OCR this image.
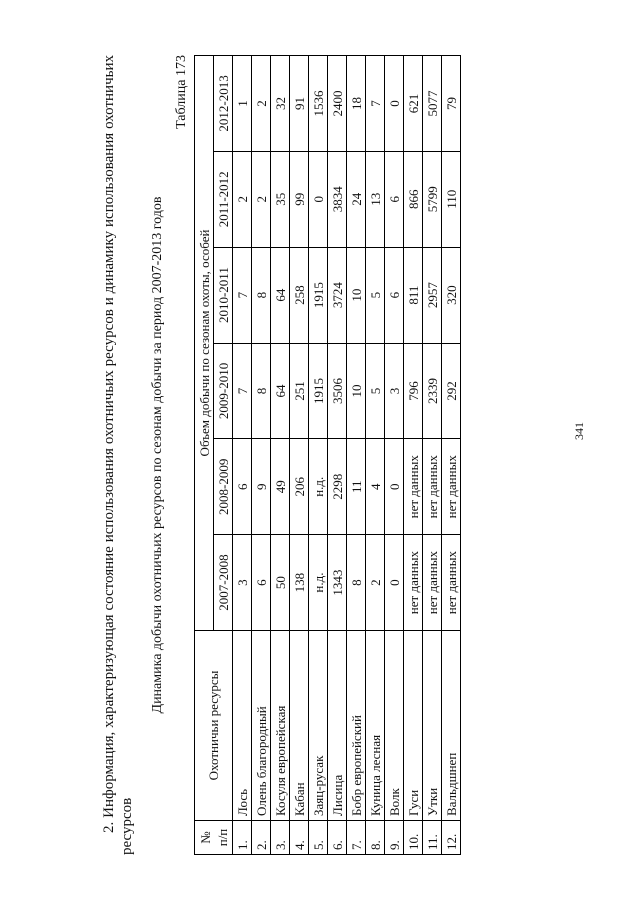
2. Информация, характеризующая состояние использования охотничьих ресурсов и динамику использования охотничьих ресурсов

Динамика добычи охотничьих ресурсов по сезонам добычи за период 2007-2013 годов
Таблица 173
№ п/п	Охотничьи ресурсы	Объем добычи по сезонам охоты, особей					
		2007-2008	2008-2009	2009-2010	2010-2011	2011-2012	2012-2013
1.	Лось	3	6	7	7	2	1
2.	Олень благородный	6	9	8	8	2	2
3.	Косуля европейская	50	49	64	64	35	32
4.	Кабан	138	206	251	258	99	91
5.	Заяц-русак	н.д.	н.д.	1915	1915	0	1536
6.	Лисица	1343	2298	3506	3724	3834	2400
7.	Бобр европейский	8	11	10	10	24	18
8.	Куница лесная	2	4	5	5	13	7
9.	Волк	0	0	3	6	6	0
10.	Гуси	нет данных	нет данных	796	811	866	621
11.	Утки	нет данных	нет данных	2339	2957	5799	5077
12.	Вальдшнеп	нет данных	нет данных	292	320	110	79
341
